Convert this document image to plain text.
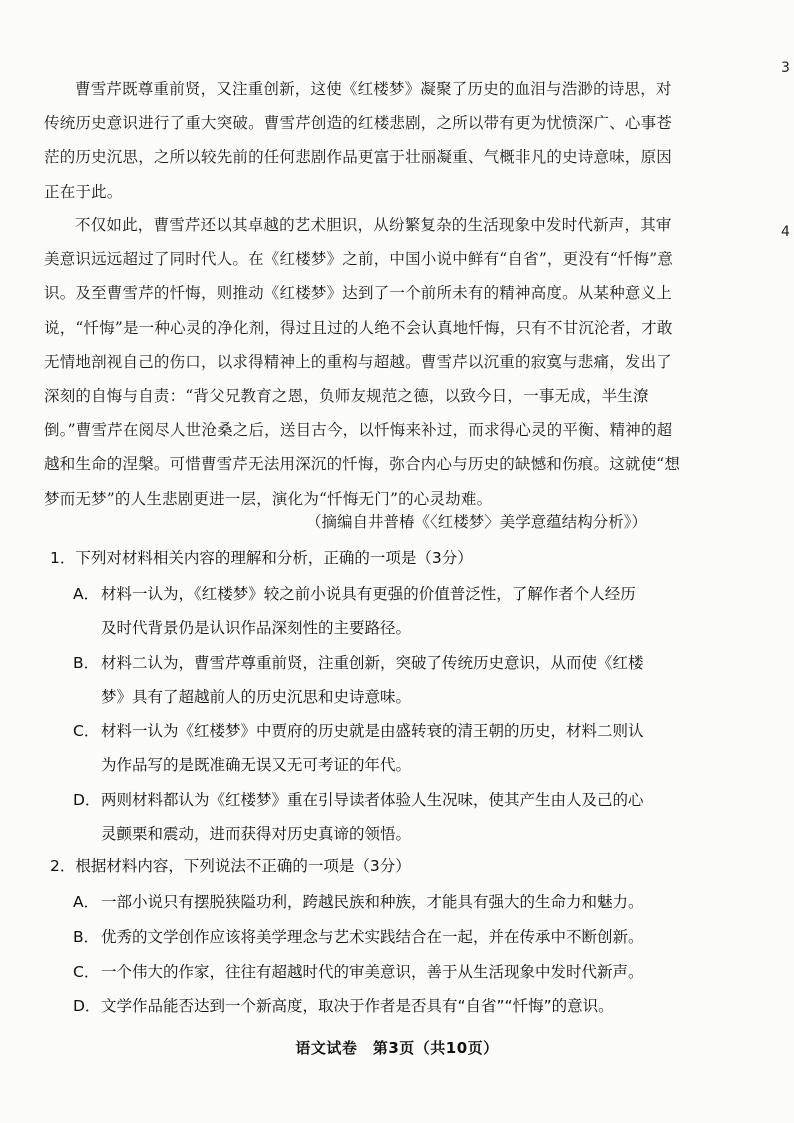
3
4
曹雪芹既尊重前贤，又注重创新，这使《红楼梦》凝聚了历史的血泪与浩渺的诗思，对传统历史意识进行了重大突破。曹雪芹创造的红楼悲剧，之所以带有更为忧愤深广、心事苍茫的历史沉思，之所以较先前的任何悲剧作品更富于壮丽凝重、气概非凡的史诗意味，原因正在于此。
不仅如此，曹雪芹还以其卓越的艺术胆识，从纷繁复杂的生活现象中发时代新声，其审美意识远远超过了同时代人。在《红楼梦》之前，中国小说中鲜有“自省”，更没有“忏悔”意识。及至曹雪芹的忏悔，则推动《红楼梦》达到了一个前所未有的精神高度。从某种意义上说，“忏悔”是一种心灵的净化剂，得过且过的人绝不会认真地忏悔，只有不甘沉沦者，才敢无情地剖视自己的伤口，以求得精神上的重构与超越。曹雪芹以沉重的寂寞与悲痛，发出了深刻的自悔与自责：“背父兄教育之恩，负师友规范之德，以致今日，一事无成，半生潦倒。”曹雪芹在阅尽人世沧桑之后，送目古今，以忏悔来补过，而求得心灵的平衡、精神的超越和生命的涅槃。可惜曹雪芹无法用深沉的忏悔，弥合内心与历史的缺憾和伤痕。这就使“想梦而无梦”的人生悲剧更进一层，演化为“忏悔无门”的心灵劫难。
（摘编自井普椿《〈红楼梦〉美学意蕴结构分析》）
1．下列对材料相关内容的理解和分析，正确的一项是（3分）
A． 材料一认为，《红楼梦》较之前小说具有更强的价值普泛性，了解作者个人经历
及时代背景仍是认识作品深刻性的主要路径。
B． 材料二认为，曹雪芹尊重前贤，注重创新，突破了传统历史意识，从而使《红楼
梦》具有了超越前人的历史沉思和史诗意味。
C． 材料一认为《红楼梦》中贾府的历史就是由盛转衰的清王朝的历史，材料二则认
为作品写的是既准确无误又无可考证的年代。
D．两则材料都认为《红楼梦》重在引导读者体验人生况味，使其产生由人及己的心
灵颤栗和震动，进而获得对历史真谛的领悟。
2．根据材料内容，下列说法不正确的一项是（3分）
A． 一部小说只有摆脱狭隘功利，跨越民族和种族，才能具有强大的生命力和魅力。
B． 优秀的文学创作应该将美学理念与艺术实践结合在一起，并在传承中不断创新。
C． 一个伟大的作家，往往有超越时代的审美意识，善于从生活现象中发时代新声。
D．文学作品能否达到一个新高度，取决于作者是否具有“自省”“忏悔”的意识。
语文试卷　第3页（共10页）
